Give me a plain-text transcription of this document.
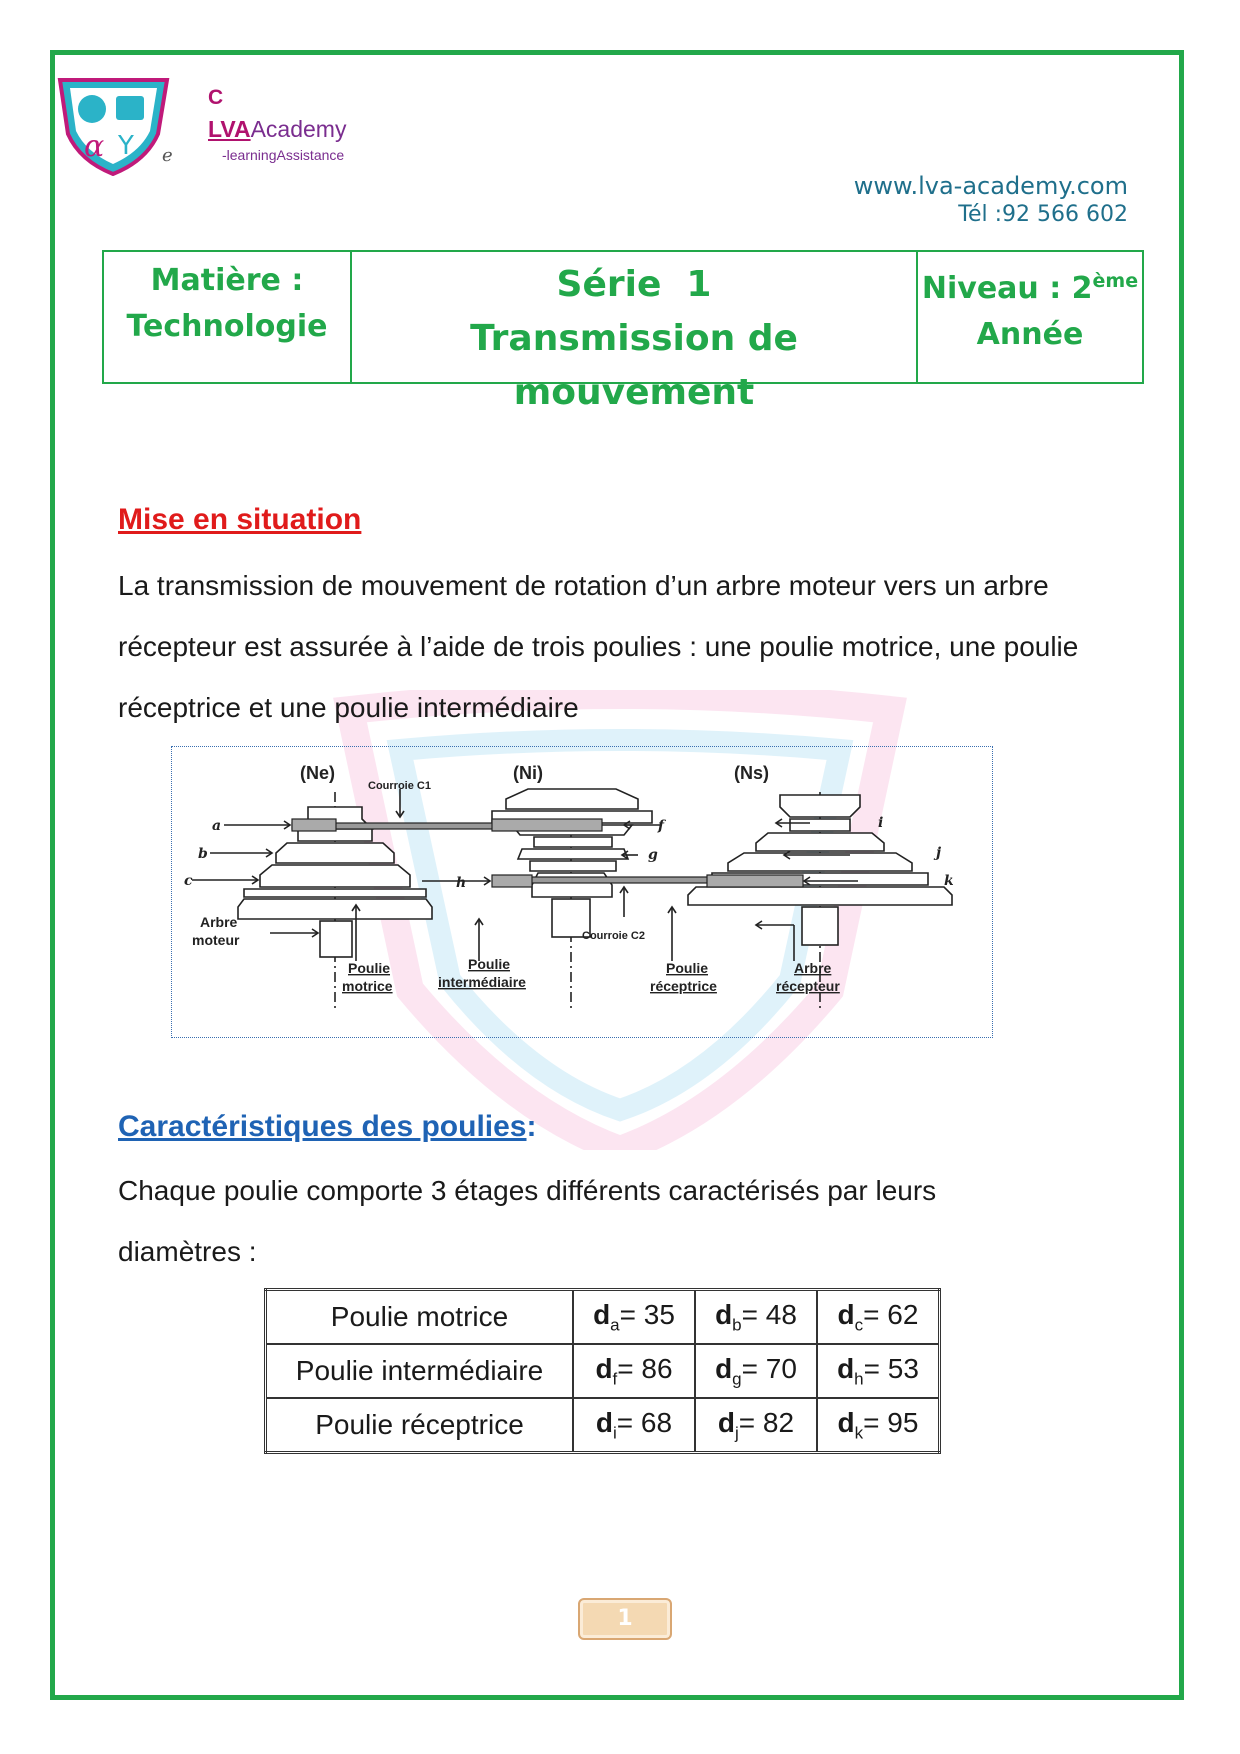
α Y e
C
LVAAcademy
-learningAssistance
www.lva-academy.com
Tél :92 566 602
Matière :
Technologie
Série  1
Transmission de mouvement
Niveau : 2ème
Année
Mise en situation
La transmission de mouvement de rotation d’un arbre moteur vers un arbre récepteur est assurée à l’aide de trois poulies : une poulie motrice, une poulie réceptrice et une poulie intermédiaire
(Ne)	(Ni)	(Ns)
Courroie C1
Courroie C2
a
b
c
f
g
h
i
j
k
Arbre
moteur
Poulie
motrice
Poulie
intermédiaire
Poulie
réceptrice
Arbre
récepteur
Caractéristiques des poulies:
Chaque poulie comporte 3 étages différents caractérisés par leurs diamètres :
Poulie motrice	$d_a= 35$	$d_b= 48$	$d_c= 62$
Poulie intermédiaire	$d_f= 86$	$d_g= 70$	$d_h= 53$
Poulie réceptrice	$d_i= 68$	$d_j= 82$	$d_k= 95$
1
